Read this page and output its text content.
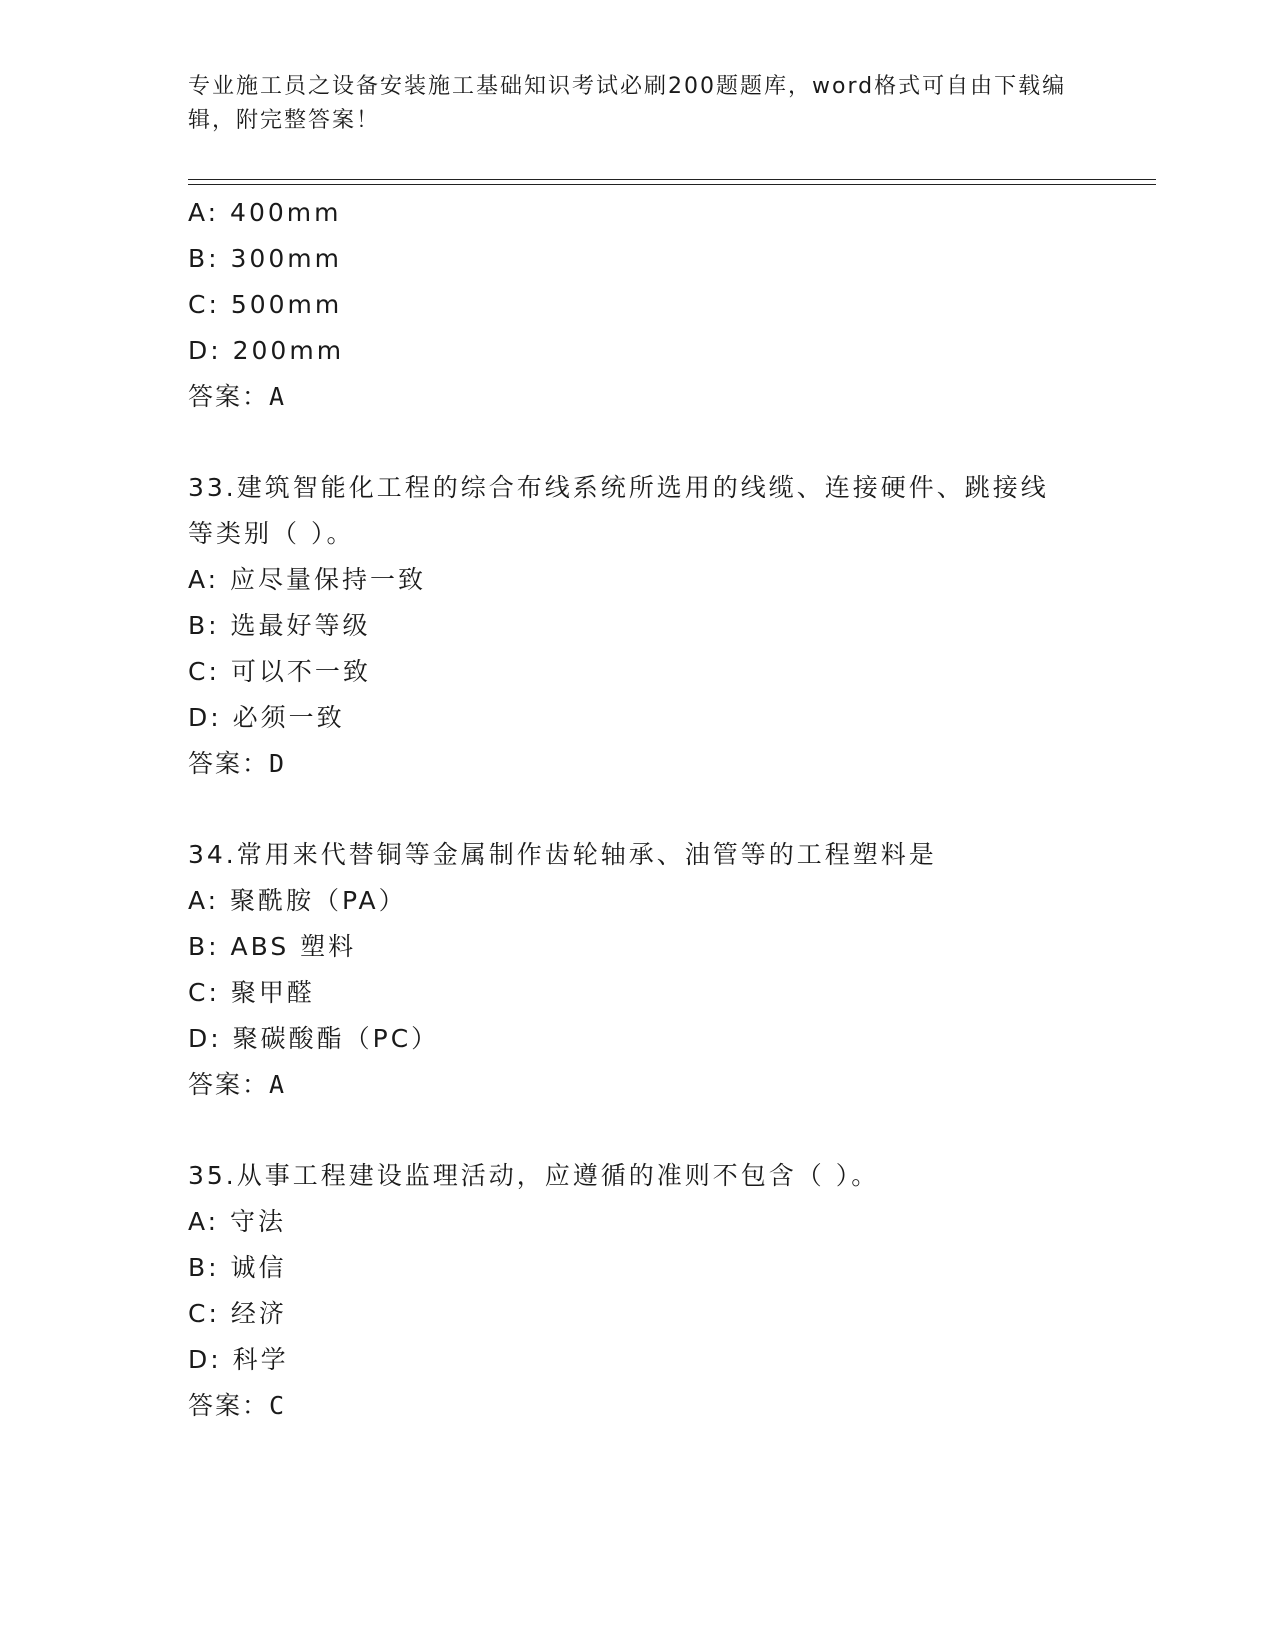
专业施工员之设备安装施工基础知识考试必刷200题题库，word格式可自由下载编辑，附完整答案！
A: 400mm
B: 300mm
C: 500mm
D: 200mm
答案：A
33.建筑智能化工程的综合布线系统所选用的线缆、连接硬件、跳接线
等类别（ ）。
A: 应尽量保持一致
B: 选最好等级
C: 可以不一致
D: 必须一致
答案：D
34.常用来代替铜等金属制作齿轮轴承、油管等的工程塑料是
A: 聚酰胺（PA）
B: ABS 塑料
C: 聚甲醛
D: 聚碳酸酯（PC）
答案：A
35.从事工程建设监理活动，应遵循的准则不包含（ ）。
A: 守法
B: 诚信
C: 经济
D: 科学
答案：C
